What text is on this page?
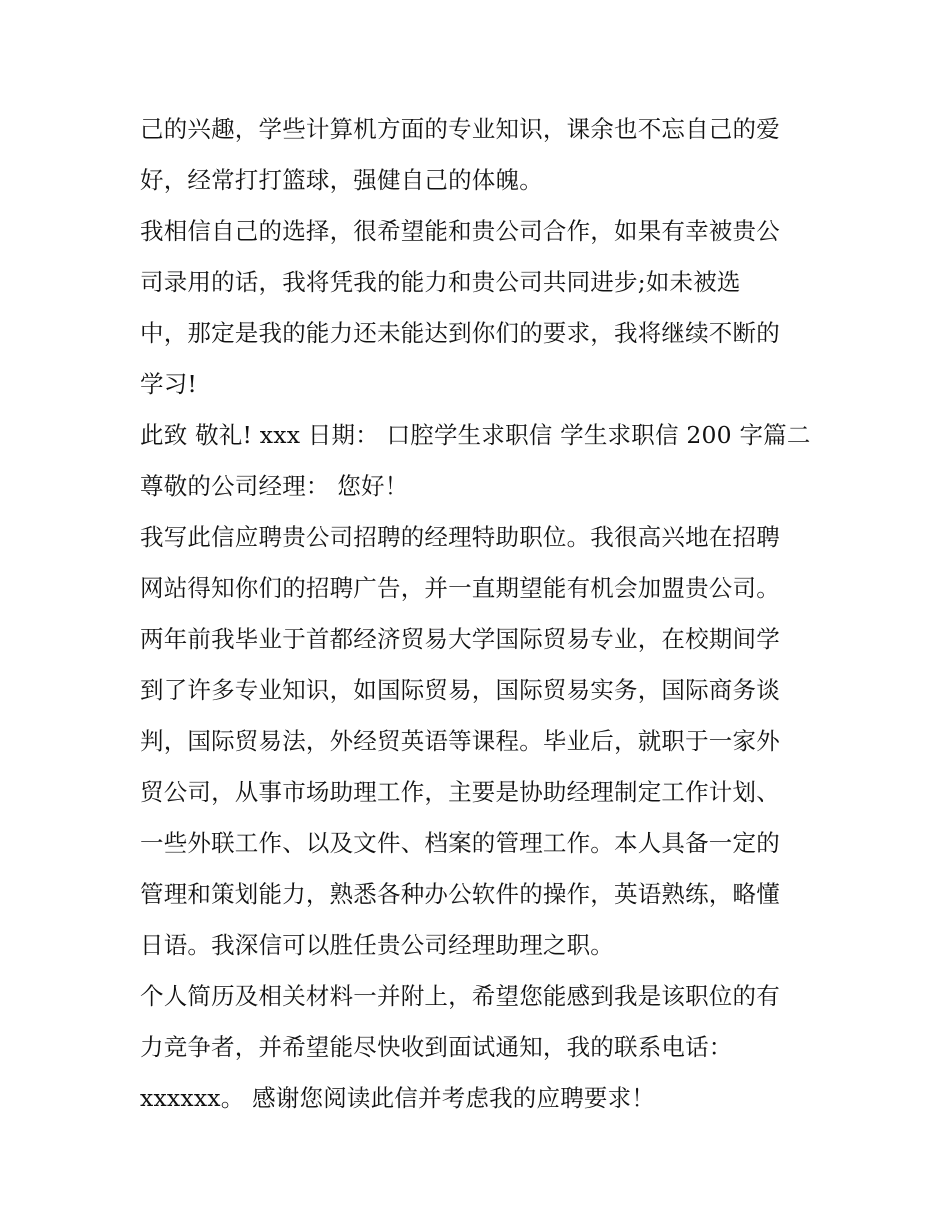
己的兴趣，学些计算机方面的专业知识，课余也不忘自己的爱
好，经常打打篮球，强健自己的体魄。
我相信自己的选择，很希望能和贵公司合作，如果有幸被贵公
司录用的话，我将凭我的能力和贵公司共同进步;如未被选
中，那定是我的能力还未能达到你们的要求，我将继续不断的
学习!
此致 敬礼! xxx 日期： 口腔学生求职信 学生求职信 200 字篇二
尊敬的公司经理： 您好！
我写此信应聘贵公司招聘的经理特助职位。我很高兴地在招聘
网站得知你们的招聘广告，并一直期望能有机会加盟贵公司。
两年前我毕业于首都经济贸易大学国际贸易专业，在校期间学
到了许多专业知识，如国际贸易，国际贸易实务，国际商务谈
判，国际贸易法，外经贸英语等课程。毕业后，就职于一家外
贸公司，从事市场助理工作，主要是协助经理制定工作计划、
一些外联工作、以及文件、档案的管理工作。本人具备一定的
管理和策划能力，熟悉各种办公软件的操作，英语熟练，略懂
日语。我深信可以胜任贵公司经理助理之职。
个人简历及相关材料一并附上，希望您能感到我是该职位的有
力竞争者，并希望能尽快收到面试通知，我的联系电话：
xxxxxx。 感谢您阅读此信并考虑我的应聘要求！
